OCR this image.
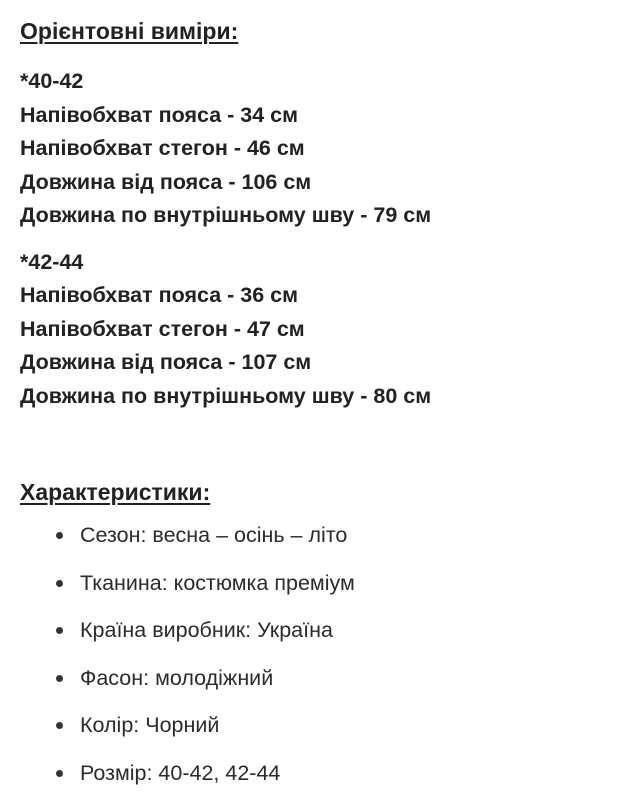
Орієнтовні виміри:
*40-42
Напівобхват пояса - 34 см
Напівобхват стегон - 46 см
Довжина від пояса - 106 см
Довжина по внутрішньому шву - 79 см
*42-44
Напівобхват пояса - 36 см
Напівобхват стегон - 47 см
Довжина від пояса - 107 см
Довжина по внутрішньому шву - 80 см
Характеристики:
Сезон: весна – осінь – літо
Тканина: костюмка преміум
Країна виробник: Україна
Фасон: молодіжний
Колір: Чорний
Розмір: 40-42, 42-44
